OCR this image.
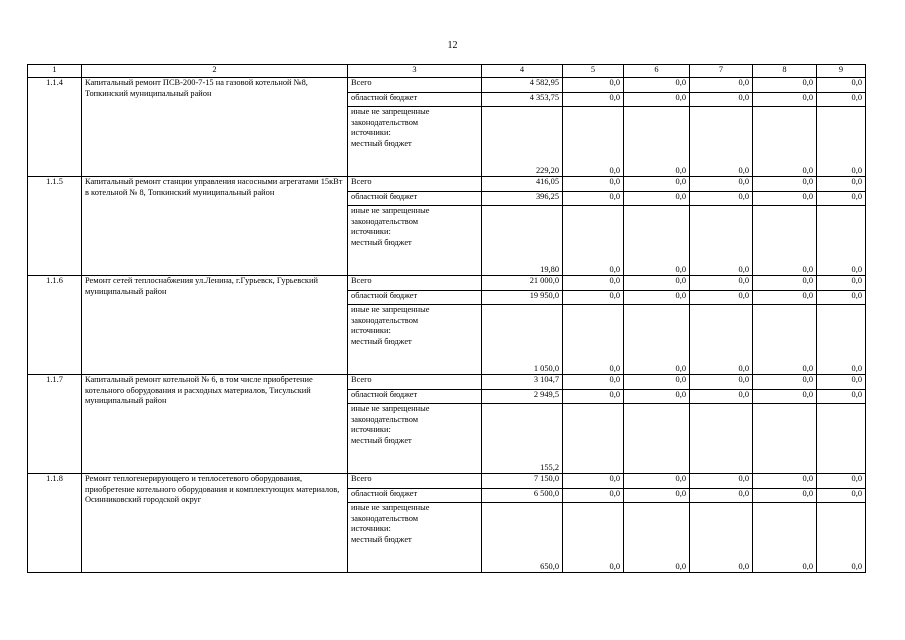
12
1	2	3	4	5	6	7	8	9
1.1.4	Капитальный ремонт ПСВ-200-7-15 на газовой котельной №8, Топкинский муниципальный район	Всего	4 582,95	0,0	0,0	0,0	0,0	0,0
		областной бюджет	4 353,75	0,0	0,0	0,0	0,0	0,0

		иные не запрещенные
законодательством
источники:
местный бюджет	229,20	0,0	0,0	0,0	0,0	0,0
1.1.5	Капитальный ремонт станции управления насосными агрегатами 15кВт в котельной № 8, Топкинский муниципальный район	Всего	416,05	0,0	0,0	0,0	0,0	0,0
		областной бюджет	396,25	0,0	0,0	0,0	0,0	0,0

		иные не запрещенные
законодательством
источники:
местный бюджет	19,80	0,0	0,0	0,0	0,0	0,0
1.1.6	Ремонт сетей теплоснабжения ул.Ленина, г.Гурьевск, Гурьевский муниципальный район	Всего	21 000,0	0,0	0,0	0,0	0,0	0,0
		областной бюджет	19 950,0	0,0	0,0	0,0	0,0	0,0

		иные не запрещенные
законодательством
источники:
местный бюджет	1 050,0	0,0	0,0	0,0	0,0	0,0
1.1.7	Капитальный ремонт котельной № 6, в том числе приобретение котельного оборудования и расходных материалов, Тисульский муниципальный район	Всего	3 104,7	0,0	0,0	0,0	0,0	0,0
		областной бюджет	2 949,5	0,0	0,0	0,0	0,0	0,0

		иные не запрещенные
законодательством
источники:
местный бюджет	155,2					
1.1.8	Ремонт теплогенерирующего и теплосетевого оборудования, приобретение котельного оборудования и комплектующих материалов, Осинниковский городской округ	Всего	7 150,0	0,0	0,0	0,0	0,0	0,0
		областной бюджет	6 500,0	0,0	0,0	0,0	0,0	0,0

		иные не запрещенные
законодательством
источники:
местный бюджет	650,0	0,0	0,0	0,0	0,0	0,0
